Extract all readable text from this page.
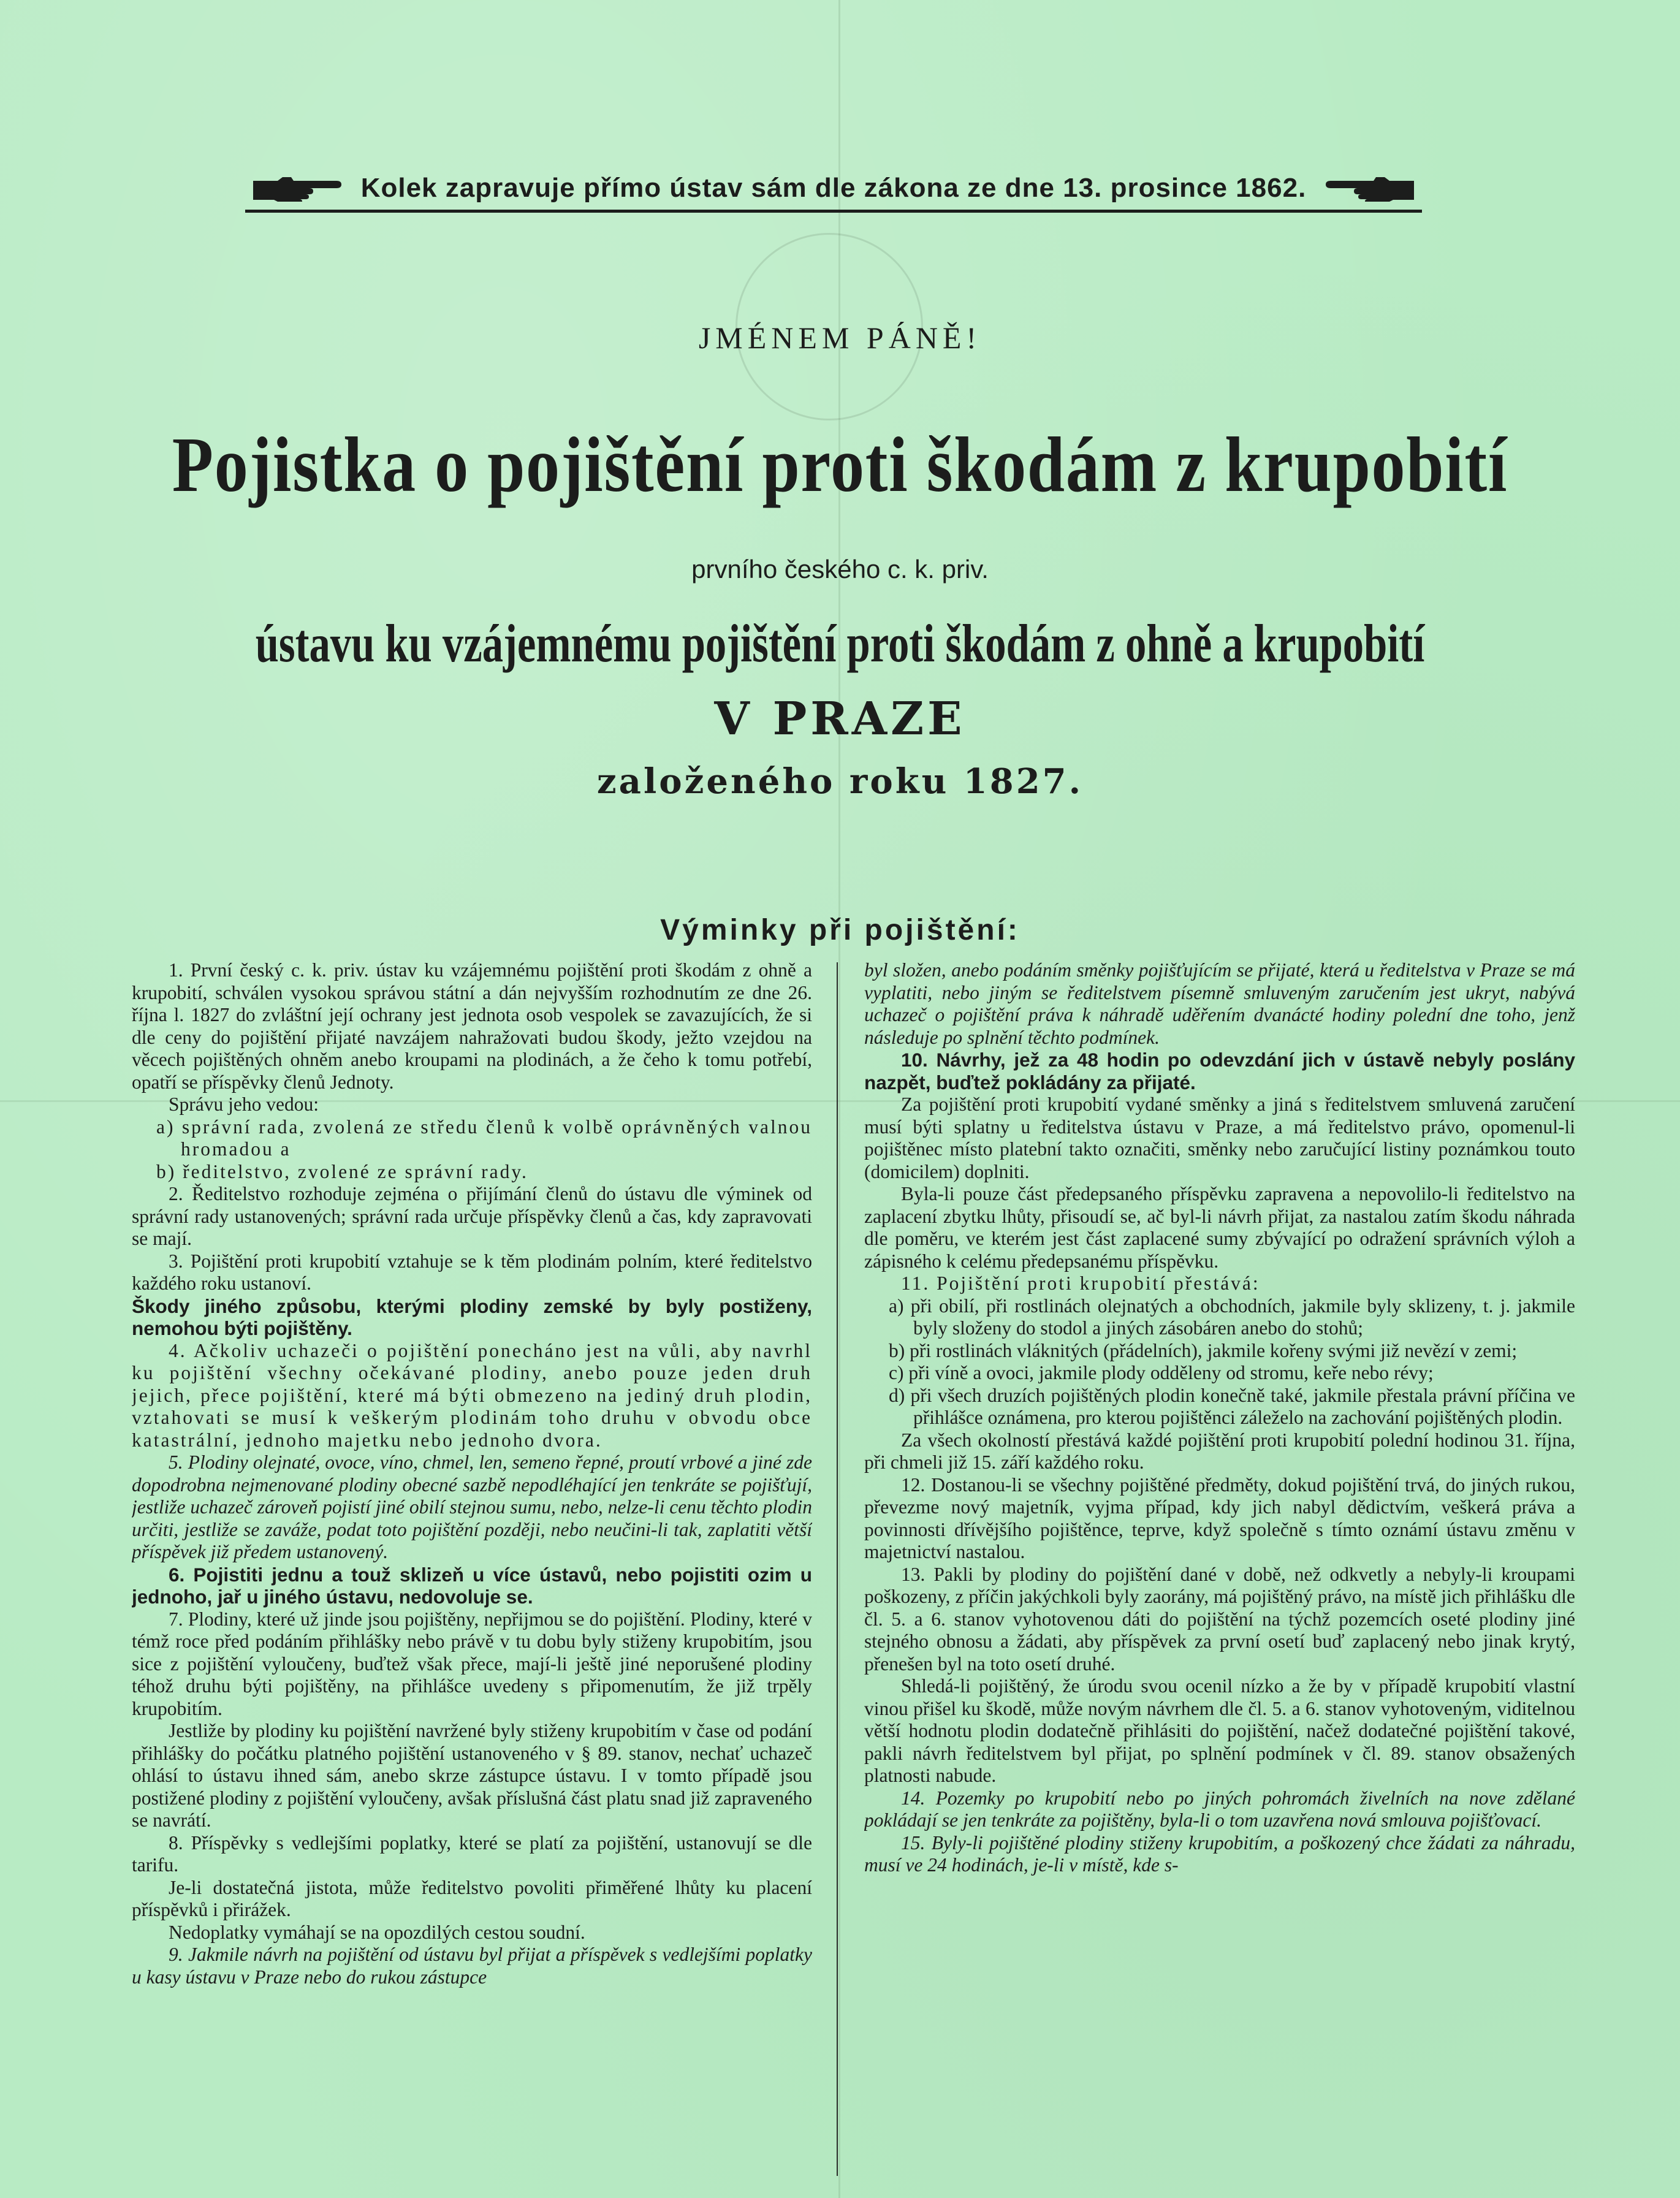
Kolek zapravuje přímo ústav sám dle zákona ze dne 13. prosince 1862.
JMÉNEM PÁNĚ!
Pojistka o pojištění proti škodám z krupobití
prvního českého c. k. priv.
ústavu ku vzájemnému pojištění proti škodám z ohně a krupobití
V PRAZE
založeného roku 1827.
Výminky při pojištění:

1. První český c. k. priv. ústav ku vzájemnému pojištění proti škodám z ohně a krupobití, schválen vysokou správou státní a dán nejvyšším rozhodnutím ze dne 26. října l. 1827 do zvláštní její ochrany jest jednota osob vespolek se zavazujících, že si dle ceny do pojištění přijaté navzájem nahražovati budou škody, ježto vzejdou na věcech pojištěných ohněm anebo kroupami na plodinách, a že čeho k tomu potřebí, opatří se příspěvky členů Jednoty.

Správu jeho vedou:

a) správní rada, zvolená ze středu členů k volbě oprávněných valnou hromadou a

b) ředitelstvo, zvolené ze správní rady.

2. Ředitelstvo rozhoduje zejména o přijímání členů do ústavu dle výminek od správní rady ustanovených; správní rada určuje příspěvky členů a čas, kdy zapravovati se mají.

3. Pojištění proti krupobití vztahuje se k těm plodinám polním, které ředitelstvo každého roku ustanoví.

Škody jiného způsobu, kterými plodiny zemské by byly postiženy, nemohou býti pojištěny.

4. Ačkoliv uchazeči o pojištění ponecháno jest na vůli, aby navrhl ku pojištění všechny očekávané plodiny, anebo pouze jeden druh jejich, přece pojištění, které má býti obmezeno na jediný druh plodin, vztahovati se musí k veškerým plodinám toho druhu v obvodu obce katastrální, jednoho majetku nebo jednoho dvora.

5. Plodiny olejnaté, ovoce, víno, chmel, len, semeno řepné, proutí vrbové a jiné zde dopodrobna nejmenované plodiny obecné sazbě nepodléhající jen tenkráte se pojišťují, jestliže uchazeč zároveň pojistí jiné obilí stejnou sumu, nebo, nelze-li cenu těchto plodin určiti, jestliže se zaváže, podat toto pojištění později, nebo neučini-li tak, zaplatiti větší příspěvek již předem ustanovený.

6. Pojistiti jednu a touž sklizeň u více ústavů, nebo pojistiti ozim u jednoho, jař u jiného ústavu, nedovoluje se.

7. Plodiny, které už jinde jsou pojištěny, nepřijmou se do pojištění. Plodiny, které v témž roce před podáním přihlášky nebo právě v tu dobu byly stiženy krupobitím, jsou sice z pojištění vyloučeny, buďtež však přece, mají-li ještě jiné neporušené plodiny téhož druhu býti pojištěny, na přihlášce uvedeny s připomenutím, že již trpěly krupobitím.

Jestliže by plodiny ku pojištění navržené byly stiženy krupobitím v čase od podání přihlášky do počátku platného pojištění ustanoveného v § 89. stanov, nechať uchazeč ohlásí to ústavu ihned sám, anebo skrze zástupce ústavu. I v tomto případě jsou postižené plodiny z pojištění vyloučeny, avšak příslušná část platu snad již zapraveného se navrátí.

8. Příspěvky s vedlejšími poplatky, které se platí za pojištění, ustanovují se dle tarifu.

Je-li dostatečná jistota, může ředitelstvo povoliti přiměřené lhůty ku placení příspěvků i přirážek.

Nedoplatky vymáhají se na opozdilých cestou soudní.

9. Jakmile návrh na pojištění od ústavu byl přijat a příspěvek s vedlejšími poplatky u kasy ústavu v Praze nebo do rukou zástupce

byl složen, anebo podáním směnky pojišťujícím se přijaté, která u ředitelstva v Praze se má vyplatiti, nebo jiným se ředitelstvem písemně smluveným zaručením jest ukryt, nabývá uchazeč o pojištění práva k náhradě uděřením dvanácté hodiny polední dne toho, jenž následuje po splnění těchto podmínek.

10. Návrhy, jež za 48 hodin po odevzdání jich v ústavě nebyly poslány nazpět, buďtež pokládány za přijaté.

Za pojištění proti krupobití vydané směnky a jiná s ředitelstvem smluvená zaručení musí býti splatny u ředitelstva ústavu v Praze, a má ředitelstvo právo, opomenul-li pojištěnec místo platební takto označiti, směnky nebo zaručující listiny poznámkou touto (domicilem) doplniti.

Byla-li pouze část předepsaného příspěvku zapravena a nepovolilo-li ředitelstvo na zaplacení zbytku lhůty, přisoudí se, ač byl-li návrh přijat, za nastalou zatím škodu náhrada dle poměru, ve kterém jest část zaplacené sumy zbývající po odražení správních výloh a zápisného k celému předepsanému příspěvku.

11. Pojištění proti krupobití přestává:

a) při obilí, při rostlinách olejnatých a obchodních, jakmile byly sklizeny, t. j. jakmile byly složeny do stodol a jiných zásobáren anebo do stohů;

b) při rostlinách vláknitých (přádelních), jakmile kořeny svými již nevězí v zemi;

c) při víně a ovoci, jakmile plody odděleny od stromu, keře nebo révy;

d) při všech druzích pojištěných plodin konečně také, jakmile přestala právní příčina ve přihlášce oznámena, pro kterou pojištěnci záleželo na zachování pojištěných plodin.

Za všech okolností přestává každé pojištění proti krupobití polední hodinou 31. října, při chmeli již 15. září každého roku.

12. Dostanou-li se všechny pojištěné předměty, dokud pojištění trvá, do jiných rukou, převezme nový majetník, vyjma případ, kdy jich nabyl dědictvím, veškerá práva a povinnosti dřívějšího pojištěnce, teprve, když společně s tímto oznámí ústavu změnu v majetnictví nastalou.

13. Pakli by plodiny do pojištění dané v době, než odkvetly a nebyly-li kroupami poškozeny, z příčin jakýchkoli byly zaorány, má pojištěný právo, na místě jich přihlášku dle čl. 5. a 6. stanov vyhotovenou dáti do pojištění na týchž pozemcích oseté plodiny jiné stejného obnosu a žádati, aby příspěvek za první osetí buď zaplacený nebo jinak krytý, přenešen byl na toto osetí druhé.

Shledá-li pojištěný, že úrodu svou ocenil nízko a že by v případě krupobití vlastní vinou přišel ku škodě, může novým návrhem dle čl. 5. a 6. stanov vyhotoveným, viditelnou větší hodnotu plodin dodatečně přihlásiti do pojištění, načež dodatečné pojištění takové, pakli návrh ředitelstvem byl přijat, po splnění podmínek v čl. 89. stanov obsažených platnosti nabude.

14. Pozemky po krupobití nebo po jiných pohromách živelních na nove zdělané pokládají se jen tenkráte za pojištěny, byla-li o tom uzavřena nová smlouva pojišťovací.

15. Byly-li pojištěné plodiny stiženy krupobitím, a poškozený chce žádati za náhradu, musí ve 24 hodinách, je-li v místě, kde s-
